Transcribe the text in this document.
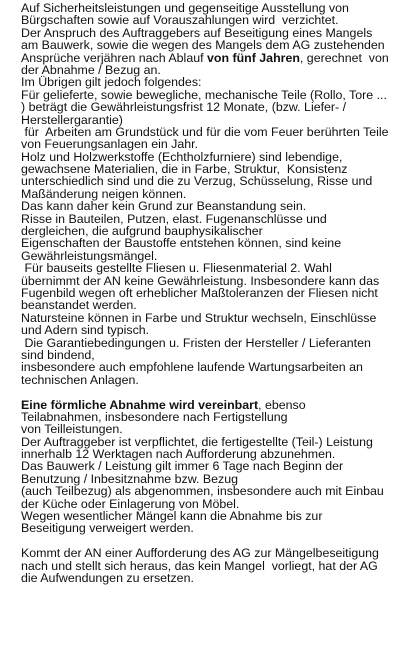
Auf Sicherheitsleistungen und gegenseitige Ausstellung von
Bürgschaften sowie auf Vorauszahlungen wird  verzichtet.
Der Anspruch des Auftraggebers auf Beseitigung eines Mangels
am Bauwerk, sowie die wegen des Mangels dem AG zustehenden
Ansprüche verjähren nach Ablauf von fünf Jahren, gerechnet  von
der Abnahme / Bezug an.
Im Übrigen gilt jedoch folgendes:
Für gelieferte, sowie bewegliche, mechanische Teile (Rollo, Tore ...
) beträgt die Gewährleistungsfrist 12 Monate, (bzw. Liefer- /
Herstellergarantie)
für  Arbeiten am Grundstück und für die vom Feuer berührten Teile
von Feuerungsanlagen ein Jahr.
Holz und Holzwerkstoffe (Echtholzfurniere) sind lebendige,
gewachsene Materialien, die in Farbe, Struktur,  Konsistenz
unterschiedlich sind und die zu Verzug, Schüsselung, Risse und
Maßänderung neigen können.
Das kann daher kein Grund zur Beanstandung sein.
Risse in Bauteilen, Putzen, elast. Fugenanschlüsse und
dergleichen, die aufgrund bauphysikalischer
Eigenschaften der Baustoffe entstehen können, sind keine
Gewährleistungsmängel.
Für bauseits gestellte Fliesen u. Fliesenmaterial 2. Wahl
übernimmt der AN keine Gewährleistung. Insbesondere kann das
Fugenbild wegen oft erheblicher Maßtoleranzen der Fliesen nicht
beanstandet werden.
Natursteine können in Farbe und Struktur wechseln, Einschlüsse
und Adern sind typisch.
Die Garantiebedingungen u. Fristen der Hersteller / Lieferanten
sind bindend,
insbesondere auch empfohlene laufende Wartungsarbeiten an
technischen Anlagen.
Eine förmliche Abnahme wird vereinbart, ebenso
Teilabnahmen, insbesondere nach Fertigstellung
von Teilleistungen.
Der Auftraggeber ist verpflichtet, die fertigestellte (Teil-) Leistung
innerhalb 12 Werktagen nach Aufforderung abzunehmen.
Das Bauwerk / Leistung gilt immer 6 Tage nach Beginn der
Benutzung / Inbesitznahme bzw. Bezug
(auch Teilbezug) als abgenommen, insbesondere auch mit Einbau
der Küche oder Einlagerung von Möbel.
Wegen wesentlicher Mängel kann die Abnahme bis zur
Beseitigung verweigert werden.
Kommt der AN einer Aufforderung des AG zur Mängelbeseitigung
nach und stellt sich heraus, das kein Mangel  vorliegt, hat der AG
die Aufwendungen zu ersetzen.
